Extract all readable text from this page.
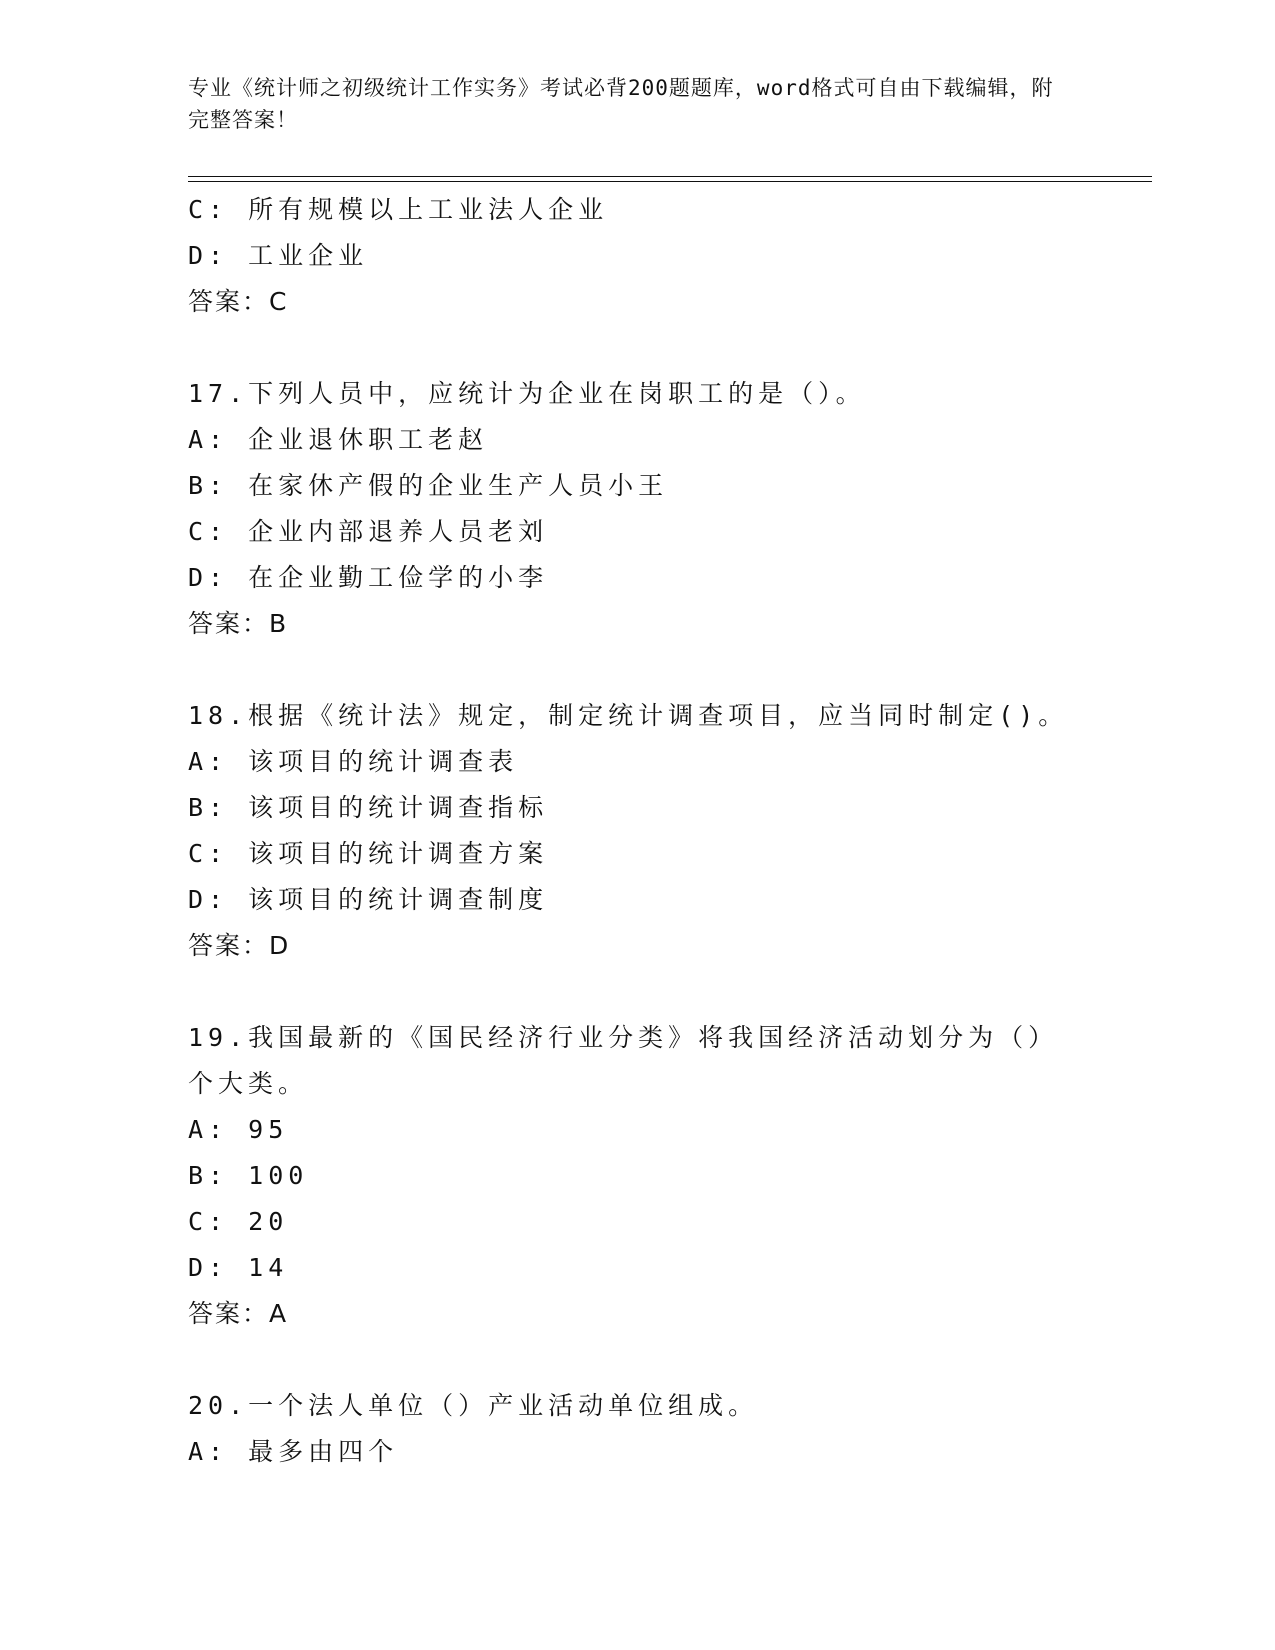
专业《统计师之初级统计工作实务》考试必背200题题库，word格式可自由下载编辑，附完整答案！
C: 所有规模以上工业法人企业
D: 工业企业
答案：C
17.下列人员中，应统计为企业在岗职工的是（）。
A: 企业退休职工老赵
B: 在家休产假的企业生产人员小王
C: 企业内部退养人员老刘
D: 在企业勤工俭学的小李
答案：B
18.根据《统计法》规定，制定统计调查项目，应当同时制定()。
A: 该项目的统计调查表
B: 该项目的统计调查指标
C: 该项目的统计调查方案
D: 该项目的统计调查制度
答案：D
19.我国最新的《国民经济行业分类》将我国经济活动划分为（）个大类。
A: 95
B: 100
C: 20
D: 14
答案：A
20.一个法人单位（）产业活动单位组成。
A: 最多由四个
